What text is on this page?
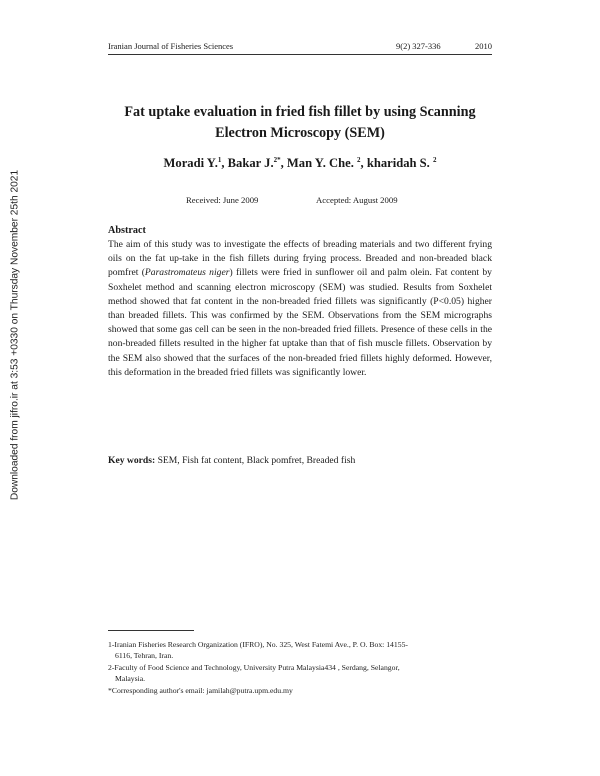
Iranian Journal of Fisheries Sciences	9(2) 327-336	2010
Downloaded from jifro.ir at 3:53 +0330 on Thursday November 25th 2021
Fat uptake evaluation in fried fish fillet by using Scanning
Electron Microscopy (SEM)
Moradi Y.$^1$, Bakar J.$^{2*}$, Man Y. Che. $^2$, kharidah S. $^2$
Received: June 2009	Accepted: August 2009
Abstract

The aim of this study was to investigate the effects of breading materials and two different frying oils on the fat up-take in the fish fillets during frying process. Breaded and non-breaded black pomfret (Parastromateus niger) fillets were fried in sunflower oil and palm olein. Fat content by Soxhelet method and scanning electron microscopy (SEM) was studied. Results from Soxhelet method showed that fat content in the non-breaded fried fillets was significantly (P<0.05) higher than breaded fillets. This was confirmed by the SEM. Observations from the SEM micrographs showed that some gas cell can be seen in the non-breaded fried fillets. Presence of these cells in the non-breaded fillets resulted in the higher fat uptake than that of fish muscle fillets. Observation by the SEM also showed that the surfaces of the non-breaded fried fillets highly deformed. However, this deformation in the breaded fried fillets was significantly lower.

Key words: SEM, Fish fat content, Black pomfret, Breaded fish
1-Iranian Fisheries Research Organization (IFRO), No. 325, West Fatemi Ave., P. O. Box: 14155-
6116, Tehran, Iran.
2-Faculty of Food Science and Technology, University Putra Malaysia434 , Serdang, Selangor,
Malaysia.
*Corresponding author's email: jamilah@putra.upm.edu.my
